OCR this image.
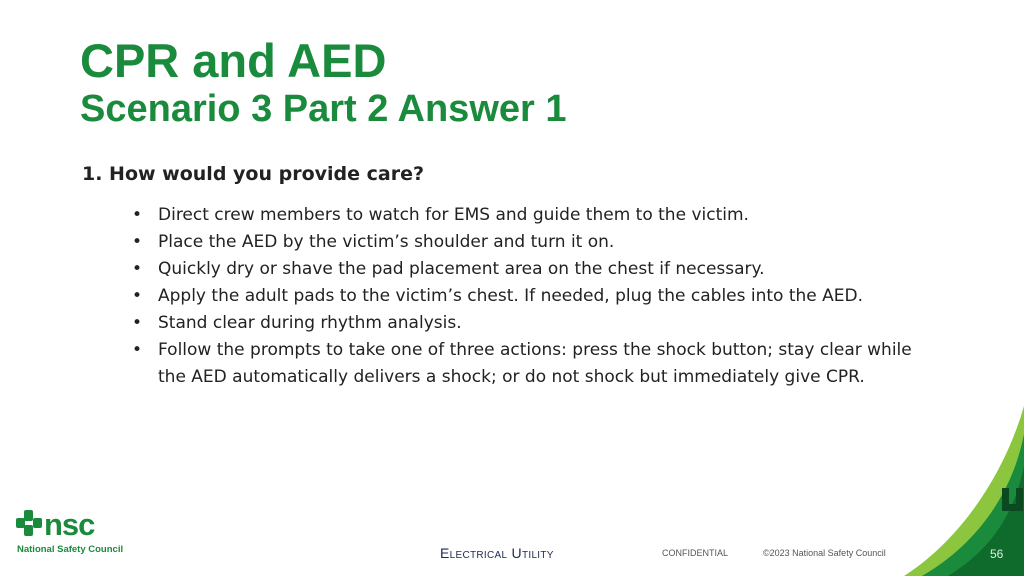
CPR and AED
Scenario 3 Part 2 Answer 1
1. How would you provide care?
• Direct crew members to watch for EMS and guide them to the victim.
• Place the AED by the victim’s shoulder and turn it on.
• Quickly dry or shave the pad placement area on the chest if necessary.
• Apply the adult pads to the victim’s chest. If needed, plug the cables into the AED.
• Stand clear during rhythm analysis.
• Follow the prompts to take one of three actions: press the shock button; stay clear while the AED automatically delivers a shock; or do not shock but immediately give CPR.
nsc
National Safety Council	Electrical Utility	CONFIDENTIAL	©2023 National Safety Council	56
